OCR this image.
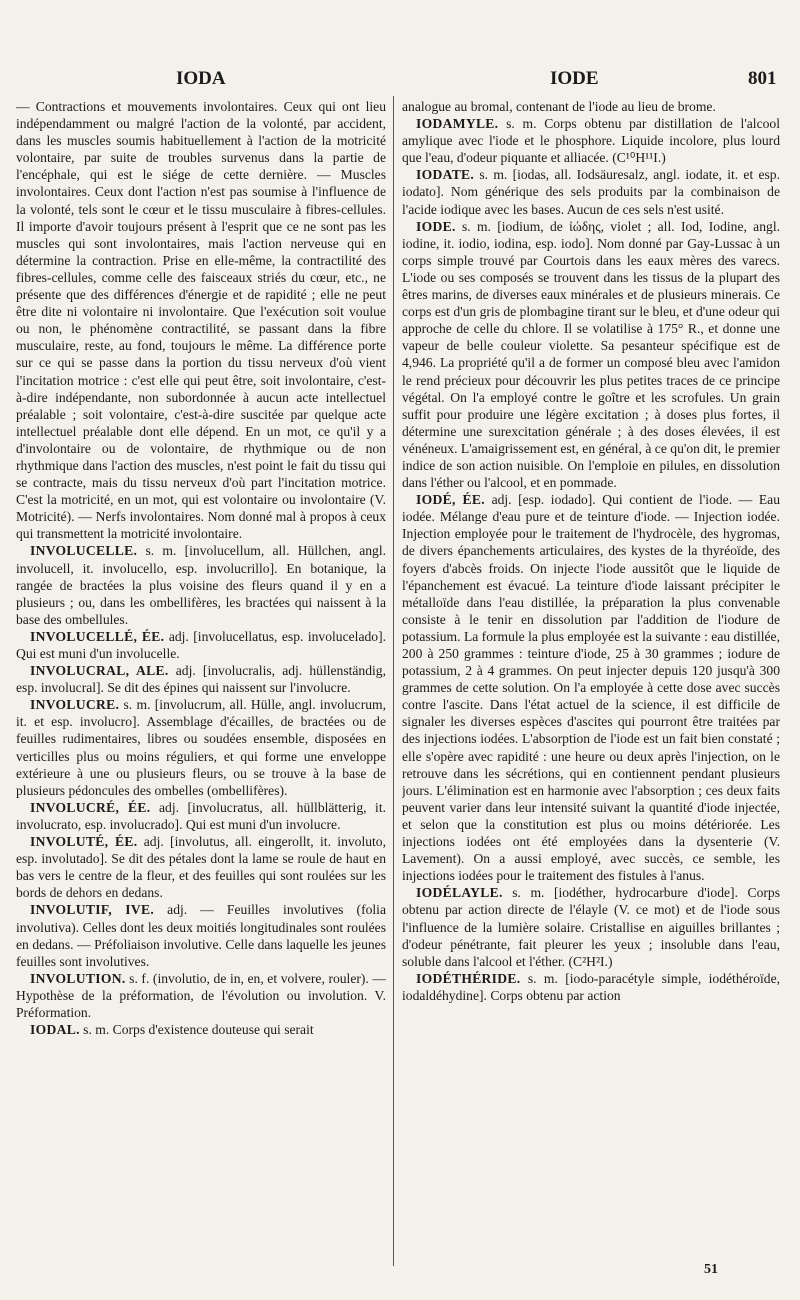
IODA	IODE	801

— Contractions et mouvements involontaires. Ceux qui ont lieu indépendamment ou malgré l'action de la volonté, par accident, dans les muscles soumis habituellement à l'action de la motricité volontaire, par suite de troubles survenus dans la partie de l'encéphale, qui est le siége de cette dernière. — Muscles involontaires. Ceux dont l'action n'est pas soumise à l'influence de la volonté, tels sont le cœur et le tissu musculaire à fibres-cellules. Il importe d'avoir toujours présent à l'esprit que ce ne sont pas les muscles qui sont involontaires, mais l'action nerveuse qui en détermine la contraction. Prise en elle-même, la contractilité des fibres-cellules, comme celle des faisceaux striés du cœur, etc., ne présente que des différences d'énergie et de rapidité ; elle ne peut être dite ni volontaire ni involontaire. Que l'exécution soit voulue ou non, le phénomène contractilité, se passant dans la fibre musculaire, reste, au fond, toujours le même. La différence porte sur ce qui se passe dans la portion du tissu nerveux d'où vient l'incitation motrice : c'est elle qui peut être, soit involontaire, c'est-à-dire indépendante, non subordonnée à aucun acte intellectuel préalable ; soit volontaire, c'est-à-dire suscitée par quelque acte intellectuel préalable dont elle dépend. En un mot, ce qu'il y a d'involontaire ou de volontaire, de rhythmique ou de non rhythmique dans l'action des muscles, n'est point le fait du tissu qui se contracte, mais du tissu nerveux d'où part l'incitation motrice. C'est la motricité, en un mot, qui est volontaire ou involontaire (V. Motricité). — Nerfs involontaires. Nom donné mal à propos à ceux qui transmettent la motricité involontaire.

INVOLUCELLE. s. m. [involucellum, all. Hüllchen, angl. involucell, it. involucello, esp. involucrillo]. En botanique, la rangée de bractées la plus voisine des fleurs quand il y en a plusieurs ; ou, dans les ombellifères, les bractées qui naissent à la base des ombellules.

INVOLUCELLÉ, ÉE. adj. [involucellatus, esp. involucelado]. Qui est muni d'un involucelle.

INVOLUCRAL, ALE. adj. [involucralis, adj. hüllenständig, esp. involucral]. Se dit des épines qui naissent sur l'involucre.

INVOLUCRE. s. m. [involucrum, all. Hülle, angl. involucrum, it. et esp. involucro]. Assemblage d'écailles, de bractées ou de feuilles rudimentaires, libres ou soudées ensemble, disposées en verticilles plus ou moins réguliers, et qui forme une enveloppe extérieure à une ou plusieurs fleurs, ou se trouve à la base de plusieurs pédoncules des ombelles (ombellifères).

INVOLUCRÉ, ÉE. adj. [involucratus, all. hüllblätterig, it. involucrato, esp. involucrado]. Qui est muni d'un involucre.

INVOLUTÉ, ÉE. adj. [involutus, all. eingerollt, it. involuto, esp. involutado]. Se dit des pétales dont la lame se roule de haut en bas vers le centre de la fleur, et des feuilles qui sont roulées sur les bords de dehors en dedans.

INVOLUTIF, IVE. adj. — Feuilles involutives (folia involutiva). Celles dont les deux moitiés longitudinales sont roulées en dedans. — Préfoliaison involutive. Celle dans laquelle les jeunes feuilles sont involutives.

INVOLUTION. s. f. (involutio, de in, en, et volvere, rouler). — Hypothèse de la préformation, de l'évolution ou involution. V. Préformation.

IODAL. s. m. Corps d'existence douteuse qui serait

analogue au bromal, contenant de l'iode au lieu de brome.

IODAMYLE. s. m. Corps obtenu par distillation de l'alcool amylique avec l'iode et le phosphore. Liquide incolore, plus lourd que l'eau, d'odeur piquante et alliacée. (C¹⁰H¹¹I.)

IODATE. s. m. [iodas, all. Iodsäuresalz, angl. iodate, it. et esp. iodato]. Nom générique des sels produits par la combinaison de l'acide iodique avec les bases. Aucun de ces sels n'est usité.

IODE. s. m. [iodium, de ἰώδης, violet ; all. Iod, Iodine, angl. iodine, it. iodio, iodina, esp. iodo]. Nom donné par Gay-Lussac à un corps simple trouvé par Courtois dans les eaux mères des varecs. L'iode ou ses composés se trouvent dans les tissus de la plupart des êtres marins, de diverses eaux minérales et de plusieurs minerais. Ce corps est d'un gris de plombagine tirant sur le bleu, et d'une odeur qui approche de celle du chlore. Il se volatilise à 175° R., et donne une vapeur de belle couleur violette. Sa pesanteur spécifique est de 4,946. La propriété qu'il a de former un composé bleu avec l'amidon le rend précieux pour découvrir les plus petites traces de ce principe végétal. On l'a employé contre le goître et les scrofules. Un grain suffit pour produire une légère excitation ; à doses plus fortes, il détermine une surexcitation générale ; à des doses élevées, il est vénéneux. L'amaigrissement est, en général, à ce qu'on dit, le premier indice de son action nuisible. On l'emploie en pilules, en dissolution dans l'éther ou l'alcool, et en pommade.

IODÉ, ÉE. adj. [esp. iodado]. Qui contient de l'iode. — Eau iodée. Mélange d'eau pure et de teinture d'iode. — Injection iodée. Injection employée pour le traitement de l'hydrocèle, des hygromas, de divers épanchements articulaires, des kystes de la thyréoïde, des foyers d'abcès froids. On injecte l'iode aussitôt que le liquide de l'épanchement est évacué. La teinture d'iode laissant précipiter le métalloïde dans l'eau distillée, la préparation la plus convenable consiste à le tenir en dissolution par l'addition de l'iodure de potassium. La formule la plus employée est la suivante : eau distillée, 200 à 250 grammes : teinture d'iode, 25 à 30 grammes ; iodure de potassium, 2 à 4 grammes. On peut injecter depuis 120 jusqu'à 300 grammes de cette solution. On l'a employée à cette dose avec succès contre l'ascite. Dans l'état actuel de la science, il est difficile de signaler les diverses espèces d'ascites qui pourront être traitées par des injections iodées. L'absorption de l'iode est un fait bien constaté ; elle s'opère avec rapidité : une heure ou deux après l'injection, on le retrouve dans les sécrétions, qui en contiennent pendant plusieurs jours. L'élimination est en harmonie avec l'absorption ; ces deux faits peuvent varier dans leur intensité suivant la quantité d'iode injectée, et selon que la constitution est plus ou moins détériorée. Les injections iodées ont été employées dans la dysenterie (V. Lavement). On a aussi employé, avec succès, ce semble, les injections iodées pour le traitement des fistules à l'anus.

IODÉLAYLE. s. m. [iodéther, hydrocarbure d'iode]. Corps obtenu par action directe de l'élayle (V. ce mot) et de l'iode sous l'influence de la lumière solaire. Cristallise en aiguilles brillantes ; d'odeur pénétrante, fait pleurer les yeux ; insoluble dans l'eau, soluble dans l'alcool et l'éther. (C²H²I.)

IODÉTHÉRIDE. s. m. [iodo-paracétyle simple, iodéthéroïde, iodaldéhydine]. Corps obtenu par action

51
